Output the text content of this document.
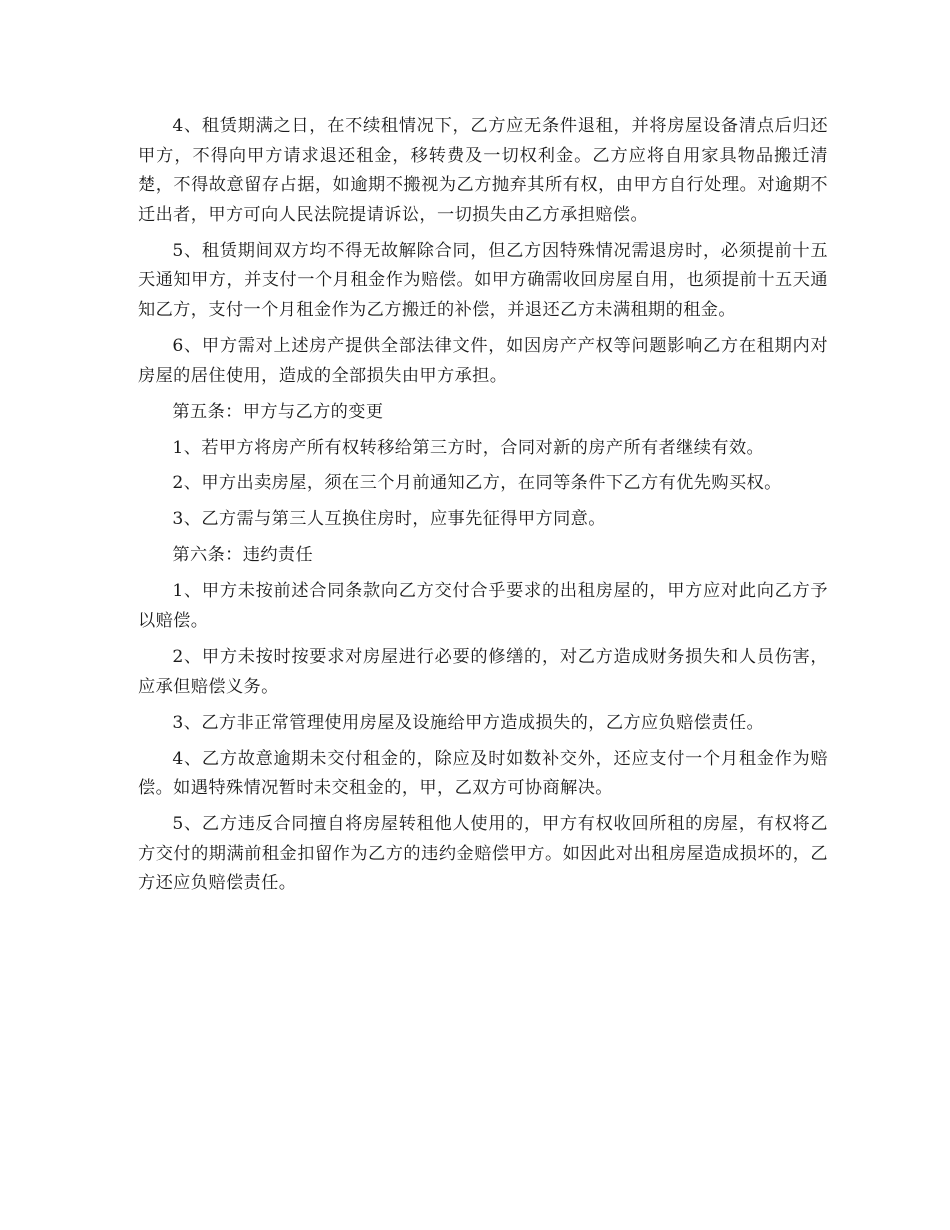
4、租赁期满之日，在不续租情况下，乙方应无条件退租，并将房屋设备清点后归还甲方，不得向甲方请求退还租金，移转费及一切权利金。乙方应将自用家具物品搬迁清楚，不得故意留存占据，如逾期不搬视为乙方抛弃其所有权，由甲方自行处理。对逾期不迁出者，甲方可向人民法院提请诉讼，一切损失由乙方承担赔偿。

5、租赁期间双方均不得无故解除合同，但乙方因特殊情况需退房时，必须提前十五天通知甲方，并支付一个月租金作为赔偿。如甲方确需收回房屋自用，也须提前十五天通知乙方，支付一个月租金作为乙方搬迁的补偿，并退还乙方未满租期的租金。

6、甲方需对上述房产提供全部法律文件，如因房产产权等问题影响乙方在租期内对房屋的居住使用，造成的全部损失由甲方承担。

第五条：甲方与乙方的变更

1、若甲方将房产所有权转移给第三方时，合同对新的房产所有者继续有效。

2、甲方出卖房屋，须在三个月前通知乙方，在同等条件下乙方有优先购买权。

3、乙方需与第三人互换住房时，应事先征得甲方同意。

第六条：违约责任

1、甲方未按前述合同条款向乙方交付合乎要求的出租房屋的，甲方应对此向乙方予以赔偿。

2、甲方未按时按要求对房屋进行必要的修缮的，对乙方造成财务损失和人员伤害，应承但赔偿义务。

3、乙方非正常管理使用房屋及设施给甲方造成损失的，乙方应负赔偿责任。

4、乙方故意逾期未交付租金的，除应及时如数补交外，还应支付一个月租金作为赔偿。如遇特殊情况暂时未交租金的，甲，乙双方可协商解决。

5、乙方违反合同擅自将房屋转租他人使用的，甲方有权收回所租的房屋，有权将乙方交付的期满前租金扣留作为乙方的违约金赔偿甲方。如因此对出租房屋造成损坏的，乙方还应负赔偿责任。
